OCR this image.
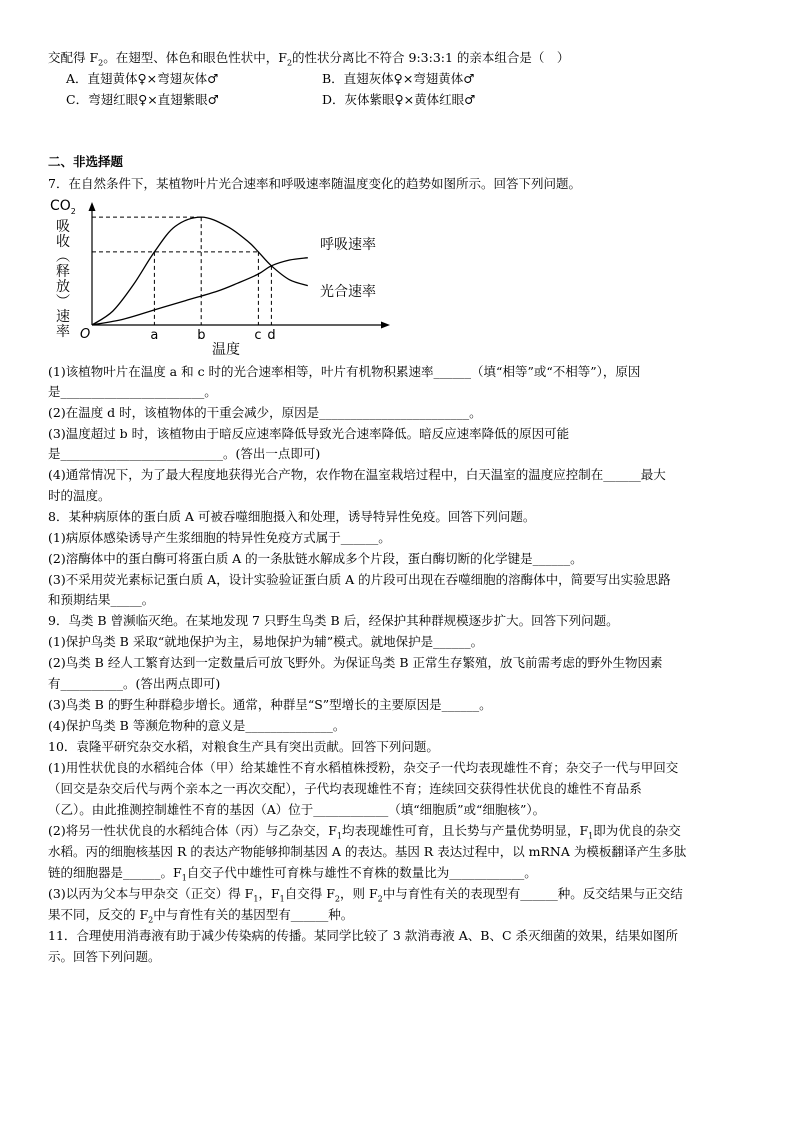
交配得 $F_2$。在翅型、体色和眼色性状中，$F_2$的性状分离比不符合 9:3:3:1 的亲本组合是（　）
A．直翅黄体♀×弯翅灰体♂	B．直翅灰体♀×弯翅黄体♂
C．弯翅红眼♀×直翅紫眼♂	D．灰体紫眼♀×黄体红眼♂
二、非选择题
7．在自然条件下，某植物叶片光合速率和呼吸速率随温度变化的趋势如图所示。回答下列问题。
$CO_2$
吸
收
︵
释
放
︶
速
率 O	a	b	c d
温度
呼吸速率
光合速率
(1)该植物叶片在温度 a 和 c 时的光合速率相等，叶片有机物积累速率______（填“相等”或“不相等”），原因
是_______________________。
(2)在温度 d 时，该植物体的干重会减少，原因是________________________。
(3)温度超过 b 时，该植物由于暗反应速率降低导致光合速率降低。暗反应速率降低的原因可能
是__________________________。(答出一点即可)
(4)通常情况下，为了最大程度地获得光合产物，农作物在温室栽培过程中，白天温室的温度应控制在______最大
时的温度。
8．某种病原体的蛋白质 A 可被吞噬细胞摄入和处理，诱导特异性免疫。回答下列问题。
(1)病原体感染诱导产生浆细胞的特异性免疫方式属于______。
(2)溶酶体中的蛋白酶可将蛋白质 A 的一条肽链水解成多个片段，蛋白酶切断的化学键是______。
(3)不采用荧光素标记蛋白质 A，设计实验验证蛋白质 A 的片段可出现在吞噬细胞的溶酶体中，简要写出实验思路
和预期结果_____。
9．鸟类 B 曾濒临灭绝。在某地发现 7 只野生鸟类 B 后，经保护其种群规模逐步扩大。回答下列问题。
(1)保护鸟类 B 采取“就地保护为主，易地保护为辅”模式。就地保护是______。
(2)鸟类 B 经人工繁育达到一定数量后可放飞野外。为保证鸟类 B 正常生存繁殖，放飞前需考虑的野外生物因素
有__________。(答出两点即可)
(3)鸟类 B 的野生种群稳步增长。通常，种群呈“S”型增长的主要原因是______。
(4)保护鸟类 B 等濒危物种的意义是______________。
10．袁隆平研究杂交水稻，对粮食生产具有突出贡献。回答下列问题。
(1)用性状优良的水稻纯合体（甲）给某雄性不育水稻植株授粉，杂交子一代均表现雄性不育；杂交子一代与甲回交
（回交是杂交后代与两个亲本之一再次交配），子代均表现雄性不育；连续回交获得性状优良的雄性不育品系
（乙）。由此推测控制雄性不育的基因（A）位于____________（填“细胞质”或“细胞核”）。
(2)将另一性状优良的水稻纯合体（丙）与乙杂交，$F_1$均表现雄性可育，且长势与产量优势明显，$F_1$即为优良的杂交
水稻。丙的细胞核基因 R 的表达产物能够抑制基因 A 的表达。基因 R 表达过程中，以 mRNA 为模板翻译产生多肽
链的细胞器是______。$F_1$自交子代中雄性可育株与雄性不育株的数量比为____________。
(3)以丙为父本与甲杂交（正交）得 $F_1$，$F_1$自交得 $F_2$，则 $F_2$中与育性有关的表现型有______种。反交结果与正交结
果不同，反交的 $F_2$中与育性有关的基因型有______种。
11．合理使用消毒液有助于减少传染病的传播。某同学比较了 3 款消毒液 A、B、C 杀灭细菌的效果，结果如图所
示。回答下列问题。
